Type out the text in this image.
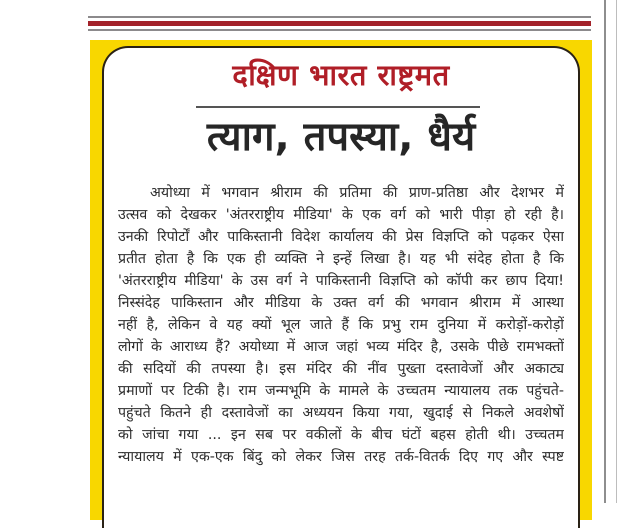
दक्षिण भारत राष्ट्रमत
त्याग, तपस्या, धैर्य
अयोध्या में भगवान श्रीराम की प्रतिमा की प्राण-प्रतिष्ठा और देशभर में
उत्सव को देखकर 'अंतरराष्ट्रीय मीडिया' के एक वर्ग को भारी पीड़ा हो रही है।
उनकी रिपोर्टों और पाकिस्तानी विदेश कार्यालय की प्रेस विज्ञप्ति को पढ़कर ऐसा
प्रतीत होता है कि एक ही व्यक्ति ने इन्हें लिखा है। यह भी संदेह होता है कि
'अंतरराष्ट्रीय मीडिया' के उस वर्ग ने पाकिस्तानी विज्ञप्ति को कॉपी कर छाप दिया!
निस्संदेह पाकिस्तान और मीडिया के उक्त वर्ग की भगवान श्रीराम में आस्था
नहीं है, लेकिन वे यह क्यों भूल जाते हैं कि प्रभु राम दुनिया में करोड़ों-करोड़ों
लोगों के आराध्य हैं? अयोध्या में आज जहां भव्य मंदिर है, उसके पीछे रामभक्तों
की सदियों की तपस्या है। इस मंदिर की नींव पुख्ता दस्तावेजों और अकाट्य
प्रमाणों पर टिकी है। राम जन्मभूमि के मामले के उच्चतम न्यायालय तक पहुंचते-
पहुंचते कितने ही दस्तावेजों का अध्ययन किया गया, खुदाई से निकले अवशेषों
को जांचा गया ... इन सब पर वकीलों के बीच घंटों बहस होती थी। उच्चतम
न्यायालय में एक-एक बिंदु को लेकर जिस तरह तर्क-वितर्क दिए गए और स्पष्ट
